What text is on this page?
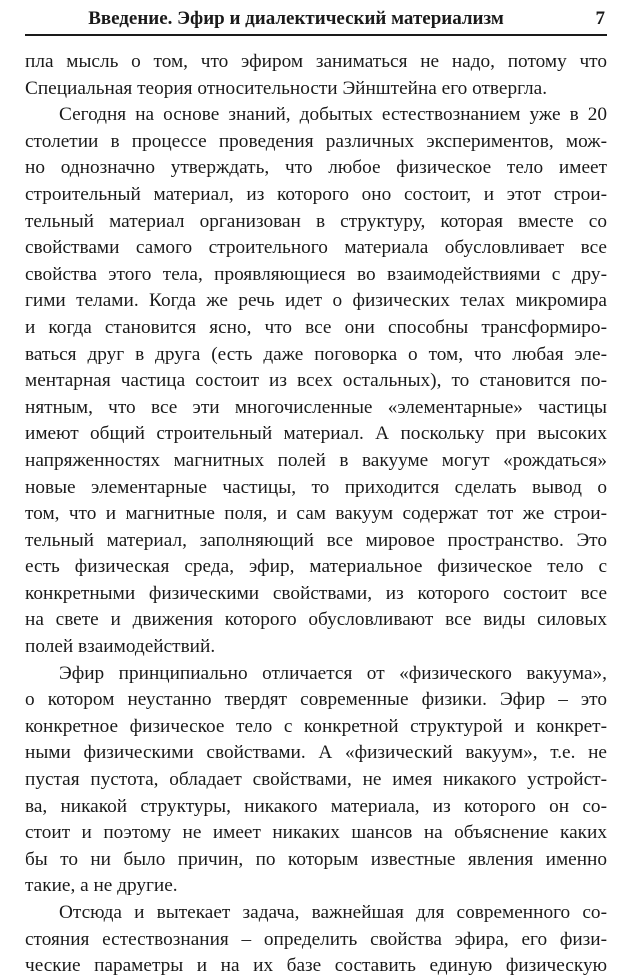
Введение. Эфир и диалектический материализм	7
пла мысль о том, что эфиром заниматься не надо, потому что
Специальная теория относительности Эйнштейна его отвергла.
Сегодня на основе знаний, добытых естествознанием уже в 20
столетии в процессе проведения различных экспериментов, мож-
но однозначно утверждать, что любое физическое тело имеет
строительный материал, из которого оно состоит, и этот строи-
тельный материал организован в структуру, которая вместе со
свойствами самого строительного материала обусловливает все
свойства этого тела, проявляющиеся во взаимодействиями с дру-
гими телами. Когда же речь идет о физических телах микромира
и когда становится ясно, что все они способны трансформиро-
ваться друг в друга (есть даже поговорка о том, что любая эле-
ментарная частица состоит из всех остальных), то становится по-
нятным, что все эти многочисленные «элементарные» частицы
имеют общий строительный материал. А поскольку при высоких
напряженностях магнитных полей в вакууме могут «рождаться»
новые элементарные частицы, то приходится сделать вывод о
том, что и магнитные поля, и сам вакуум содержат тот же строи-
тельный материал, заполняющий все мировое пространство. Это
есть физическая среда, эфир, материальное физическое тело с
конкретными физическими свойствами, из которого состоит все
на свете и движения которого обусловливают все виды силовых
полей взаимодействий.
Эфир принципиально отличается от «физического вакуума»,
о котором неустанно твердят современные физики. Эфир – это
конкретное физическое тело с конкретной структурой и конкрет-
ными физическими свойствами. А «физический вакуум», т.е. не
пустая пустота, обладает свойствами, не имея никакого устройст-
ва, никакой структуры, никакого материала, из которого он со-
стоит и поэтому не имеет никаких шансов на объяснение каких
бы то ни было причин, по которым известные явления именно
такие, а не другие.
Отсюда и вытекает задача, важнейшая для современного со-
стояния естествознания – определить свойства эфира, его физи-
ческие параметры и на их базе составить единую физическую
